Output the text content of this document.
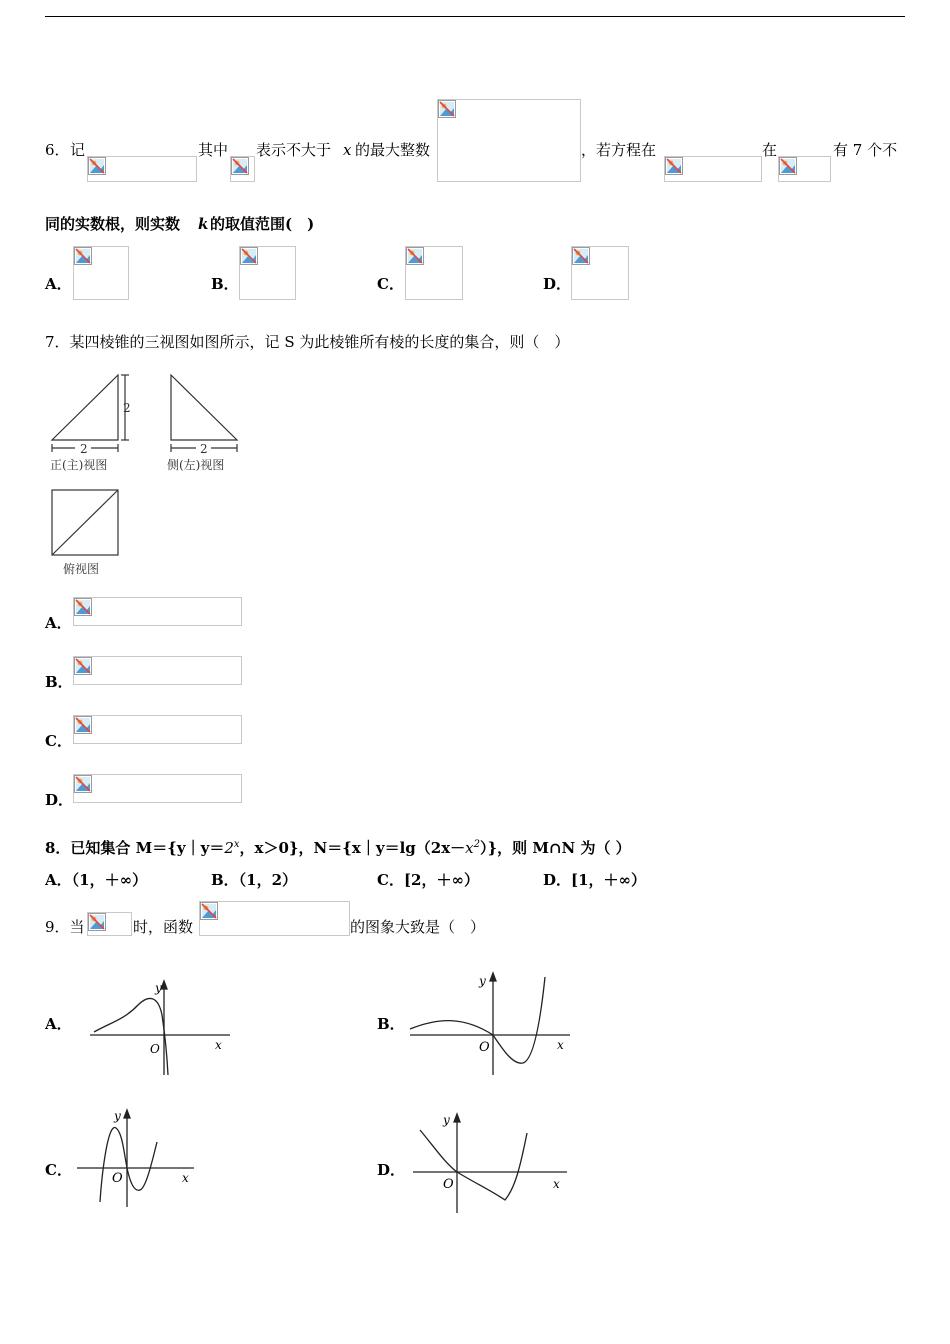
6． 记	其中 表示不大于 x 的最大整数	，若方程在	在	有 7 个不
同的实数根，则实数 k 的取值范围(　)
A．	B．	C．	D．
7．某四棱锥的三视图如图所示，记 S 为此棱锥所有棱的长度的集合，则（　）
2
2
正(主)视图
2
侧(左)视图
俯视图
A．
B．
C．
D．
8．已知集合 $M=\{y|y=2^x$，x＞0}，$N=\{x|y=\lg(2x-x^2)\}$，则 M∩N 为（ ）
A．（1，＋∞）	B．（1，2）	C．[2，＋∞）	D．[1，＋∞）
9．当	时，函数	的图象大致是（　）
A．
y
x
O
B．
y
x
O
C．
y
x
O	D．
y
x
O
